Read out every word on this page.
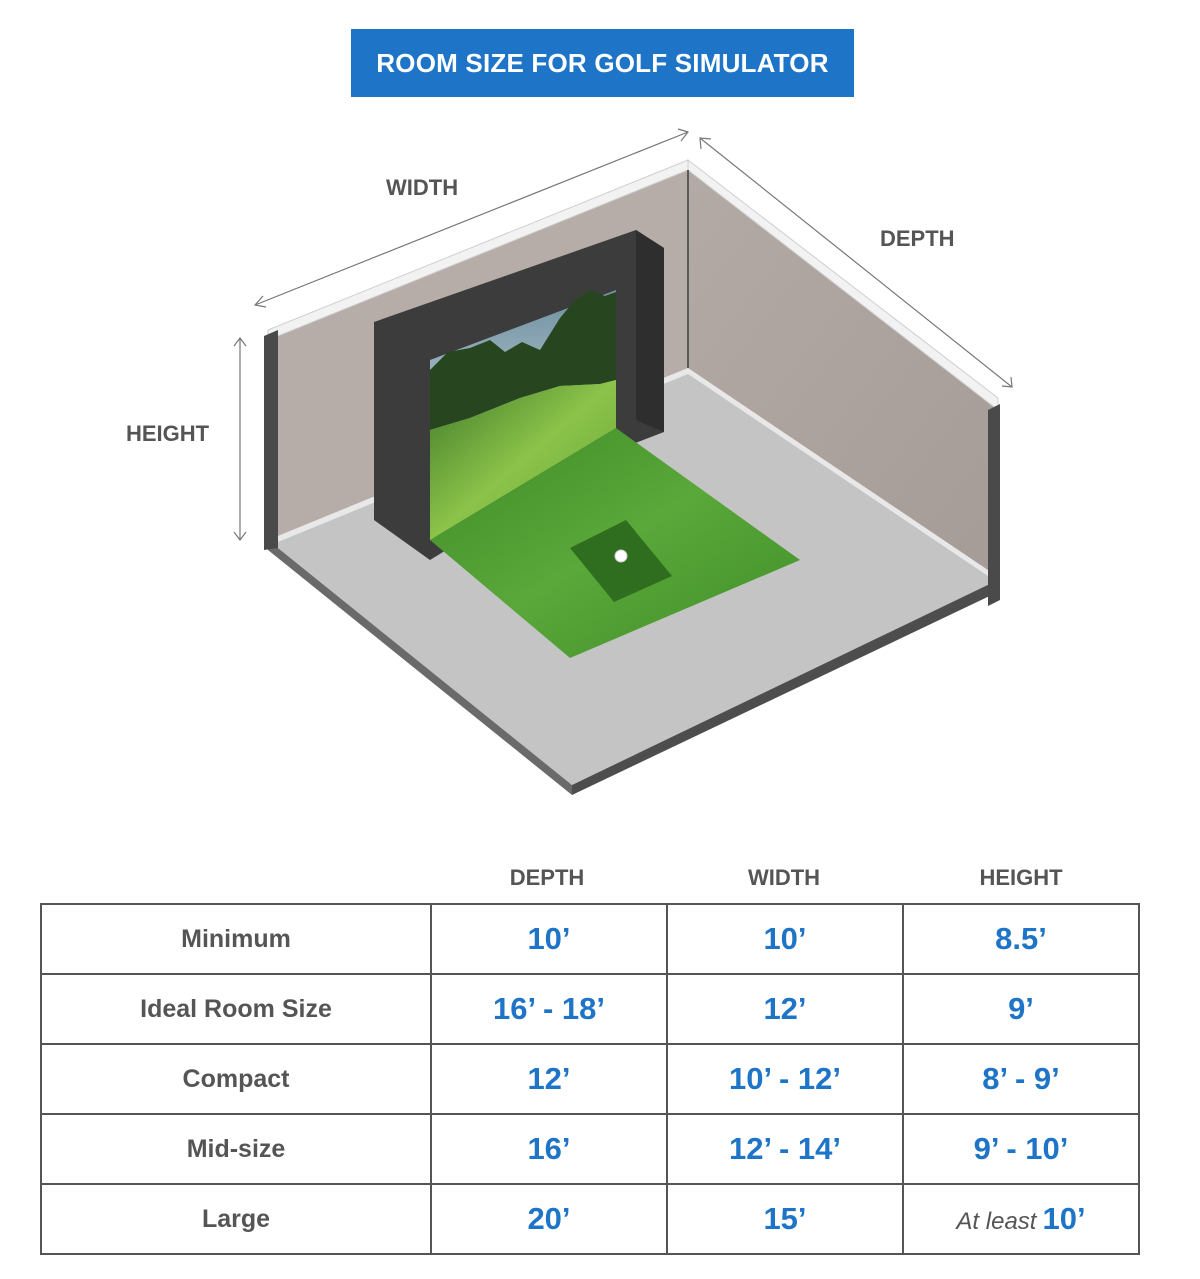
ROOM SIZE FOR GOLF SIMULATOR
WIDTH
DEPTH
HEIGHT
DEPTH	WIDTH	HEIGHT
Minimum	10’	10’	8.5’
Ideal Room Size	16’ - 18’	12’	9’
Compact	12’	10’ - 12’	8’ - 9’
Mid-size	16’	12’ - 14’	9’ - 10’
Large	20’	15’	At least 10’
